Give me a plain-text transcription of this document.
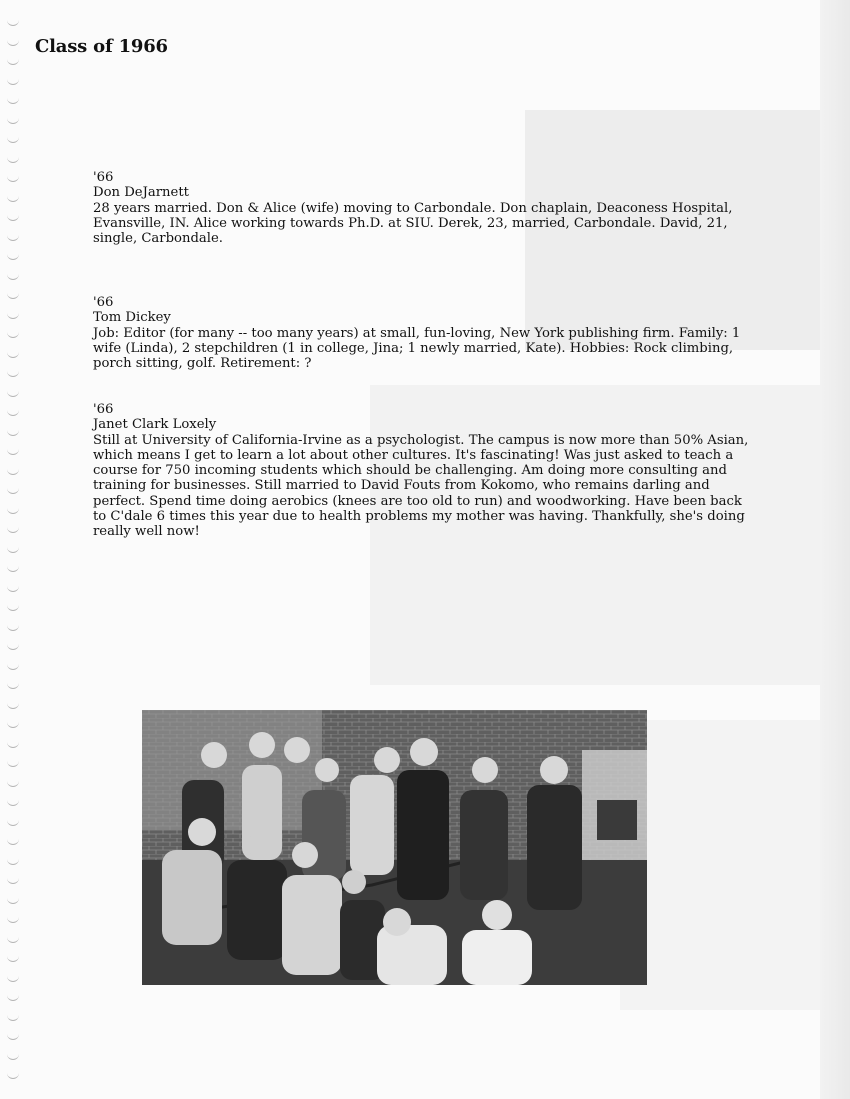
Class of 1966
'66
Don DeJarnett
28 years married. Don & Alice (wife) moving to Carbondale. Don chaplain, Deaconess Hospital, Evansville, IN. Alice working towards Ph.D. at SIU. Derek, 23, married, Carbondale. David, 21, single, Carbondale.
'66
Tom Dickey
Job: Editor (for many -- too many years) at small, fun-loving, New York publishing firm. Family: 1 wife (Linda), 2 stepchildren (1 in college, Jina; 1 newly married, Kate). Hobbies: Rock climbing, porch sitting, golf. Retirement: ?
'66
Janet Clark Loxely
Still at University of California-Irvine as a psychologist. The campus is now more than 50% Asian, which means I get to learn a lot about other cultures. It's fascinating! Was just asked to teach a course for 750 incoming students which should be challenging. Am doing more consulting and training for businesses. Still married to David Fouts from Kokomo, who remains darling and perfect. Spend time doing aerobics (knees are too old to run) and woodworking. Have been back to C'dale 6 times this year due to health problems my mother was having. Thankfully, she's doing really well now!
